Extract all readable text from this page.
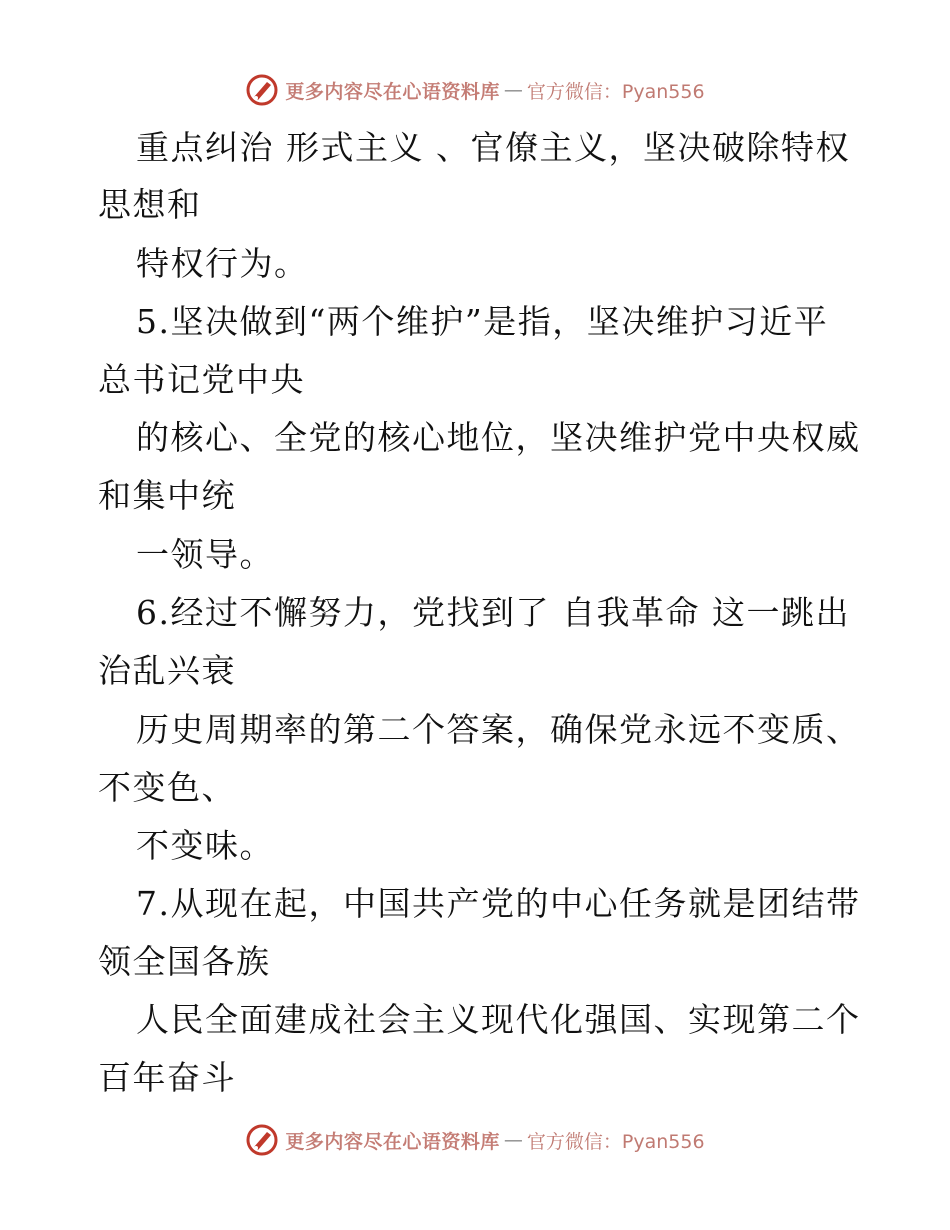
更多内容尽在心语资料库 — 官方微信：Pyan556
重点纠治 形式主义 、官僚主义，坚决破除特权
思想和
特权行为。
5.坚决做到“两个维护”是指，坚决维护习近平
总书记党中央
的核心、全党的核心地位，坚决维护党中央权威
和集中统
一领导。
6.经过不懈努力，党找到了 自我革命 这一跳出
治乱兴衰
历史周期率的第二个答案，确保党永远不变质、
不变色、
不变味。
7.从现在起，中国共产党的中心任务就是团结带
领全国各族
人民全面建成社会主义现代化强国、实现第二个
百年奋斗
更多内容尽在心语资料库 — 官方微信：Pyan556
